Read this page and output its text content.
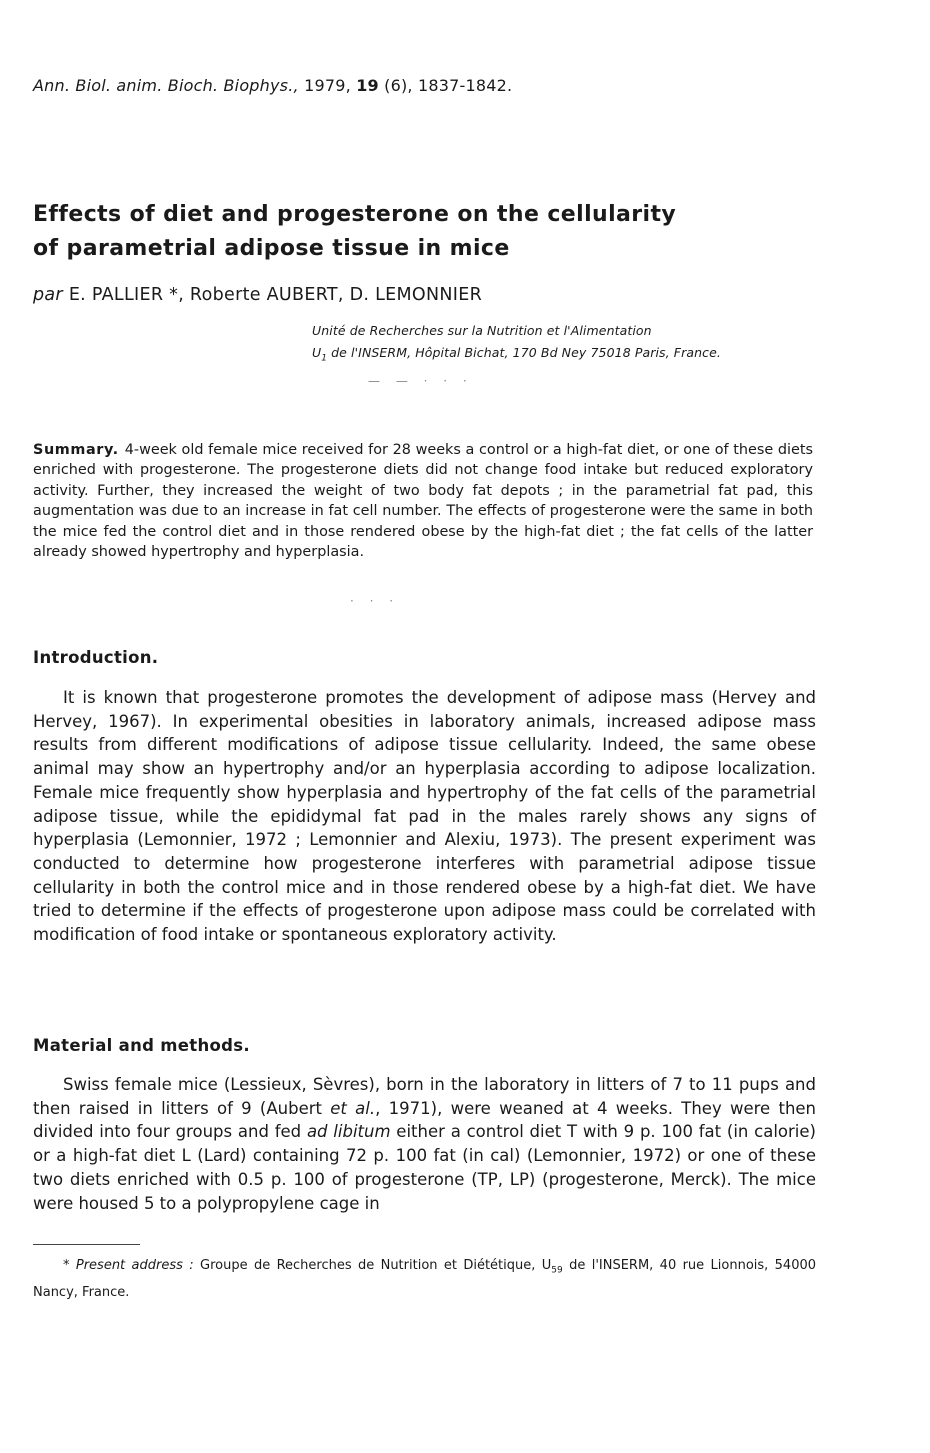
Ann. Biol. anim. Bioch. Biophys., 1979, 19 (6), 1837-1842.
Effects of diet and progesterone on the cellularity
of parametrial adipose tissue in mice
par E. PALLIER *, Roberte AUBERT, D. LEMONNIER
Unité de Recherches sur la Nutrition et l'Alimentation
$U_1$ de l'INSERM, Hôpital Bichat, 170 Bd Ney 75018 Paris, France.
— — · · ·

Summary. 4-week old female mice received for 28 weeks a control or a high-fat diet, or one of these diets enriched with progesterone. The progesterone diets did not change food intake but reduced exploratory activity. Further, they increased the weight of two body fat depots ; in the parametrial fat pad, this augmentation was due to an increase in fat cell number. The effects of progesterone were the same in both the mice fed the control diet and in those rendered obese by the high-fat diet ; the fat cells of the latter already showed hypertrophy and hyperplasia.

· · ·
Introduction.

It is known that progesterone promotes the development of adipose mass (Hervey and Hervey, 1967). In experimental obesities in laboratory animals, increased adipose mass results from different modifications of adipose tissue cellularity. Indeed, the same obese animal may show an hypertrophy and/or an hyperplasia according to adipose localization. Female mice frequently show hyperplasia and hypertrophy of the fat cells of the parametrial adipose tissue, while the epididymal fat pad in the males rarely shows any signs of hyperplasia (Lemonnier, 1972 ; Lemonnier and Alexiu, 1973). The present experiment was conducted to determine how progesterone interferes with parametrial adipose tissue cellularity in both the control mice and in those rendered obese by a high-fat diet. We have tried to determine if the effects of progesterone upon adipose mass could be correlated with modification of food intake or spontaneous exploratory activity.

Material and methods.

Swiss female mice (Lessieux, Sèvres), born in the laboratory in litters of 7 to 11 pups and then raised in litters of 9 (Aubert et al., 1971), were weaned at 4 weeks. They were then divided into four groups and fed ad libitum either a control diet T with 9 p. 100 fat (in calorie) or a high-fat diet L (Lard) containing 72 p. 100 fat (in cal) (Lemonnier, 1972) or one of these two diets enriched with 0.5 p. 100 of progesterone (TP, LP) (progesterone, Merck). The mice were housed 5 to a polypropylene cage in

* Present address : Groupe de Recherches de Nutrition et Diététique, $U_{59}$ de l'INSERM, 40 rue Lionnois, 54000 Nancy, France.
